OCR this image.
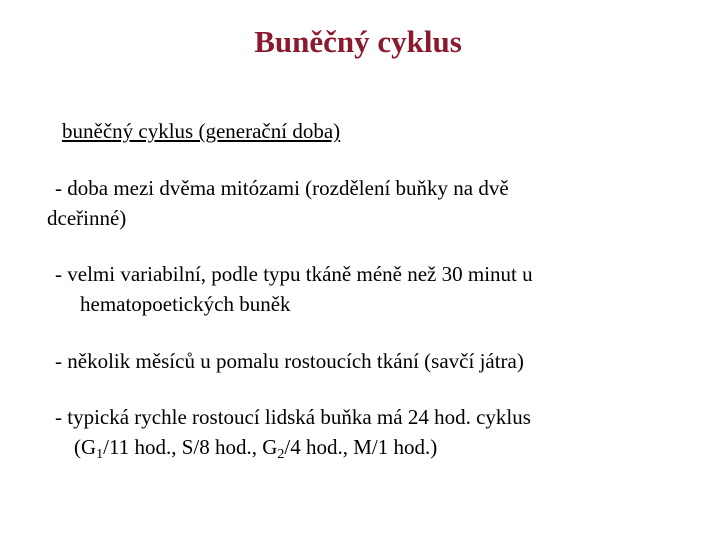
Buněčný cyklus
buněčný cyklus (generační doba)
- doba mezi dvěma mitózami (rozdělení buňky na dvě
dceřinné)
- velmi variabilní, podle typu tkáně méně než 30 minut u
hematopoetických buněk
- několik měsíců u pomalu rostoucích tkání (savčí játra)
- typická rychle rostoucí lidská buňka má 24 hod. cyklus
($G_1/11$ hod., S/8 hod., $G_2/4$ hod., M/1 hod.)
